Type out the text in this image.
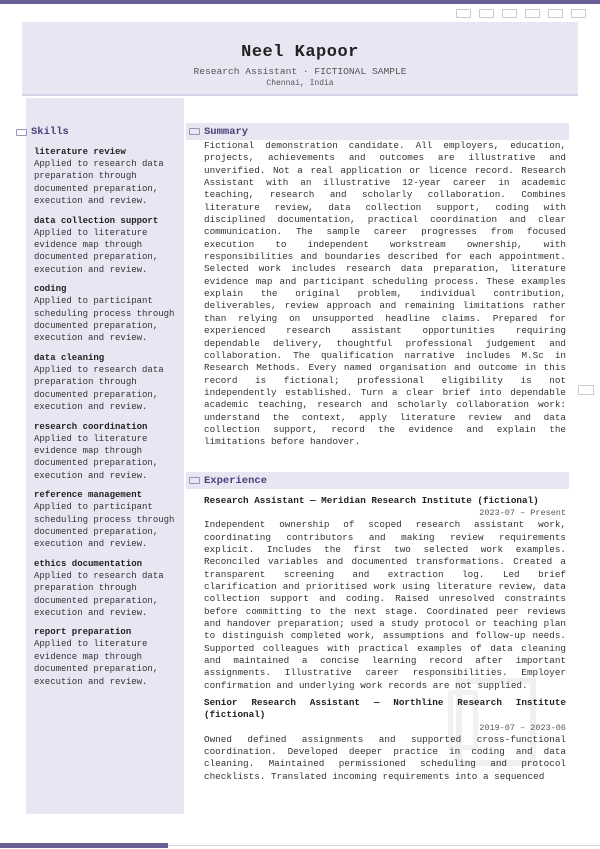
Neel Kapoor
Research Assistant · FICTIONAL SAMPLE
Chennai, India
Skills
literature review
Applied to research data preparation through documented preparation, execution and review.
data collection support
Applied to literature evidence map through documented preparation, execution and review.
coding
Applied to participant scheduling process through documented preparation, execution and review.
data cleaning
Applied to research data preparation through documented preparation, execution and review.
research coordination
Applied to literature evidence map through documented preparation, execution and review.
reference management
Applied to participant scheduling process through documented preparation, execution and review.
ethics documentation
Applied to research data preparation through documented preparation, execution and review.
report preparation
Applied to literature evidence map through documented preparation, execution and review.
Summary
Fictional demonstration candidate. All employers, education, projects, achievements and outcomes are illustrative and unverified. Not a real application or licence record. Research Assistant with an illustrative 12-year career in academic teaching, research and scholarly collaboration. Combines literature review, data collection support, coding with disciplined documentation, practical coordination and clear communication. The sample career progresses from focused execution to independent workstream ownership, with responsibilities and boundaries described for each appointment. Selected work includes research data preparation, literature evidence map and participant scheduling process. These examples explain the original problem, individual contribution, deliverables, review approach and remaining limitations rather than relying on unsupported headline claims. Prepared for experienced research assistant opportunities requiring dependable delivery, thoughtful professional judgement and collaboration. The qualification narrative includes M.Sc in Research Methods. Every named organisation and outcome in this record is fictional; professional eligibility is not independently established. Turn a clear brief into dependable academic teaching, research and scholarly collaboration work: understand the context, apply literature review and data collection support, record the evidence and explain the limitations before handover.
Experience
Research Assistant — Meridian Research Institute (fictional)
2023-07 – Present
Independent ownership of scoped research assistant work, coordinating contributors and making review requirements explicit. Includes the first two selected work examples. Reconciled variables and documented transformations. Created a transparent screening and extraction log. Led brief clarification and prioritised work using literature review, data collection support and coding. Raised unresolved constraints before committing to the next stage. Coordinated peer reviews and handover preparation; used a study protocol or teaching plan to distinguish completed work, assumptions and follow-up needs. Supported colleagues with practical examples of data cleaning and maintained a concise learning record after important assignments. Illustrative career responsibilities. Employer confirmation and underlying work records are not supplied.
Senior Research Assistant — Northline Research Institute (fictional)
2019-07 – 2023-06
Owned defined assignments and supported cross-functional coordination. Developed deeper practice in coding and data cleaning. Maintained permissioned scheduling and protocol checklists. Translated incoming requirements into a sequenced
